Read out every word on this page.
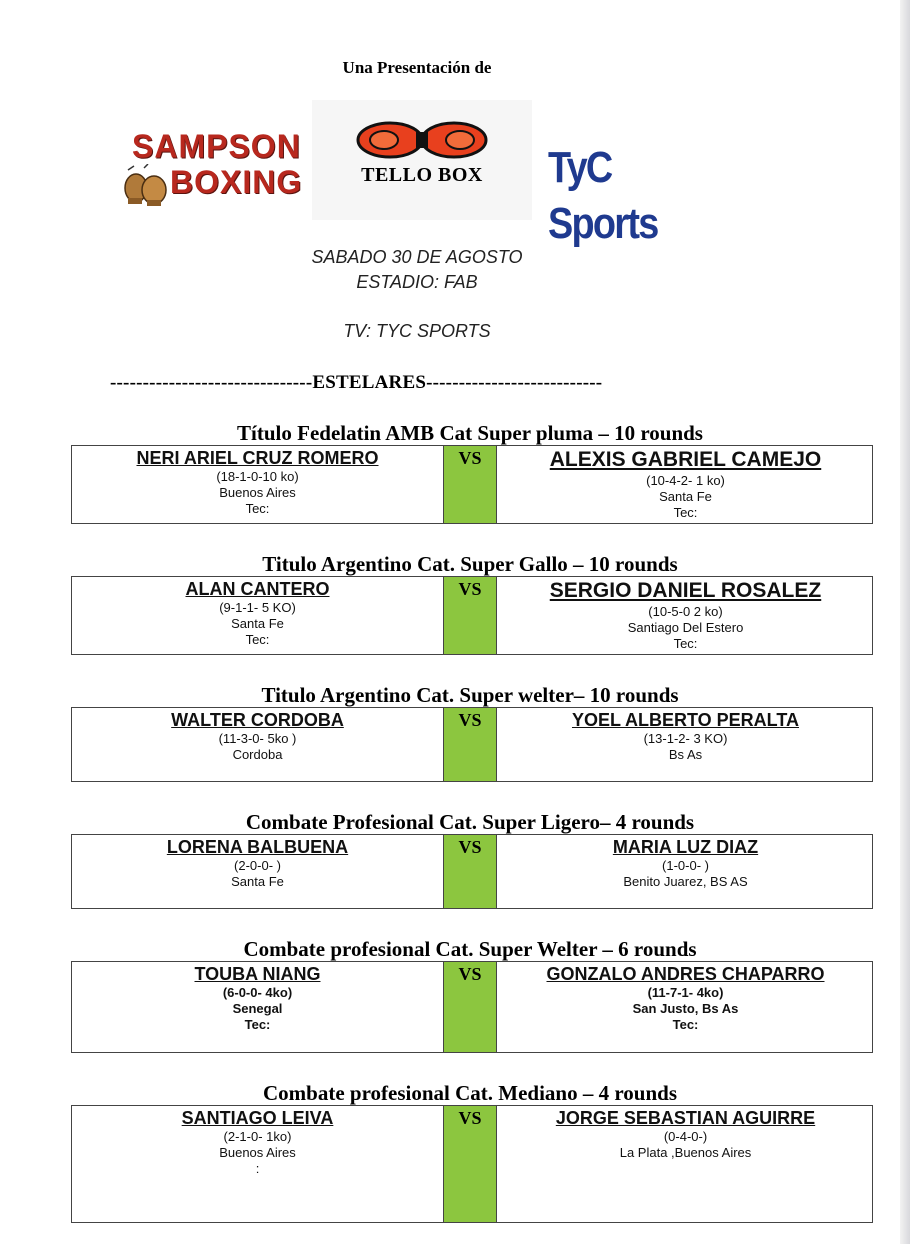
Una Presentación de
SAMPSON
BOXING	TELLO BOX	TyC Sports
SABADO 30 DE AGOSTO
ESTADIO: FAB
TV: TYC SPORTS
-------------------------------ESTELARES---------------------------
Título Fedelatin AMB Cat Super pluma – 10 rounds
NERI ARIEL CRUZ ROMERO
(18-1-0-10 ko)
Buenos Aires
Tec:
VS	ALEXIS GABRIEL CAMEJO
(10-4-2- 1 ko)
Santa Fe
Tec:
Titulo Argentino Cat. Super Gallo – 10 rounds
ALAN CANTERO
(9-1-1- 5 KO)
Santa Fe
Tec:
VS	SERGIO DANIEL ROSALEZ
(10-5-0 2 ko)
Santiago Del Estero
Tec:
Titulo Argentino Cat. Super welter– 10 rounds
WALTER CORDOBA
(11-3-0- 5ko )
Cordoba
VS	YOEL ALBERTO PERALTA
(13-1-2- 3 KO)
Bs As
Combate Profesional Cat. Super Ligero– 4 rounds
LORENA BALBUENA
(2-0-0- )
Santa Fe
VS	MARIA LUZ DIAZ
(1-0-0- )
Benito Juarez, BS AS
Combate profesional Cat. Super Welter – 6 rounds
TOUBA NIANG
(6-0-0- 4ko)
Senegal
Tec:
VS	GONZALO ANDRES CHAPARRO
(11-7-1- 4ko)
San Justo, Bs As
Tec:
Combate profesional Cat. Mediano – 4 rounds
SANTIAGO LEIVA
(2-1-0- 1ko)
Buenos Aires
:
VS	JORGE SEBASTIAN AGUIRRE
(0-4-0-)
La Plata ,Buenos Aires
